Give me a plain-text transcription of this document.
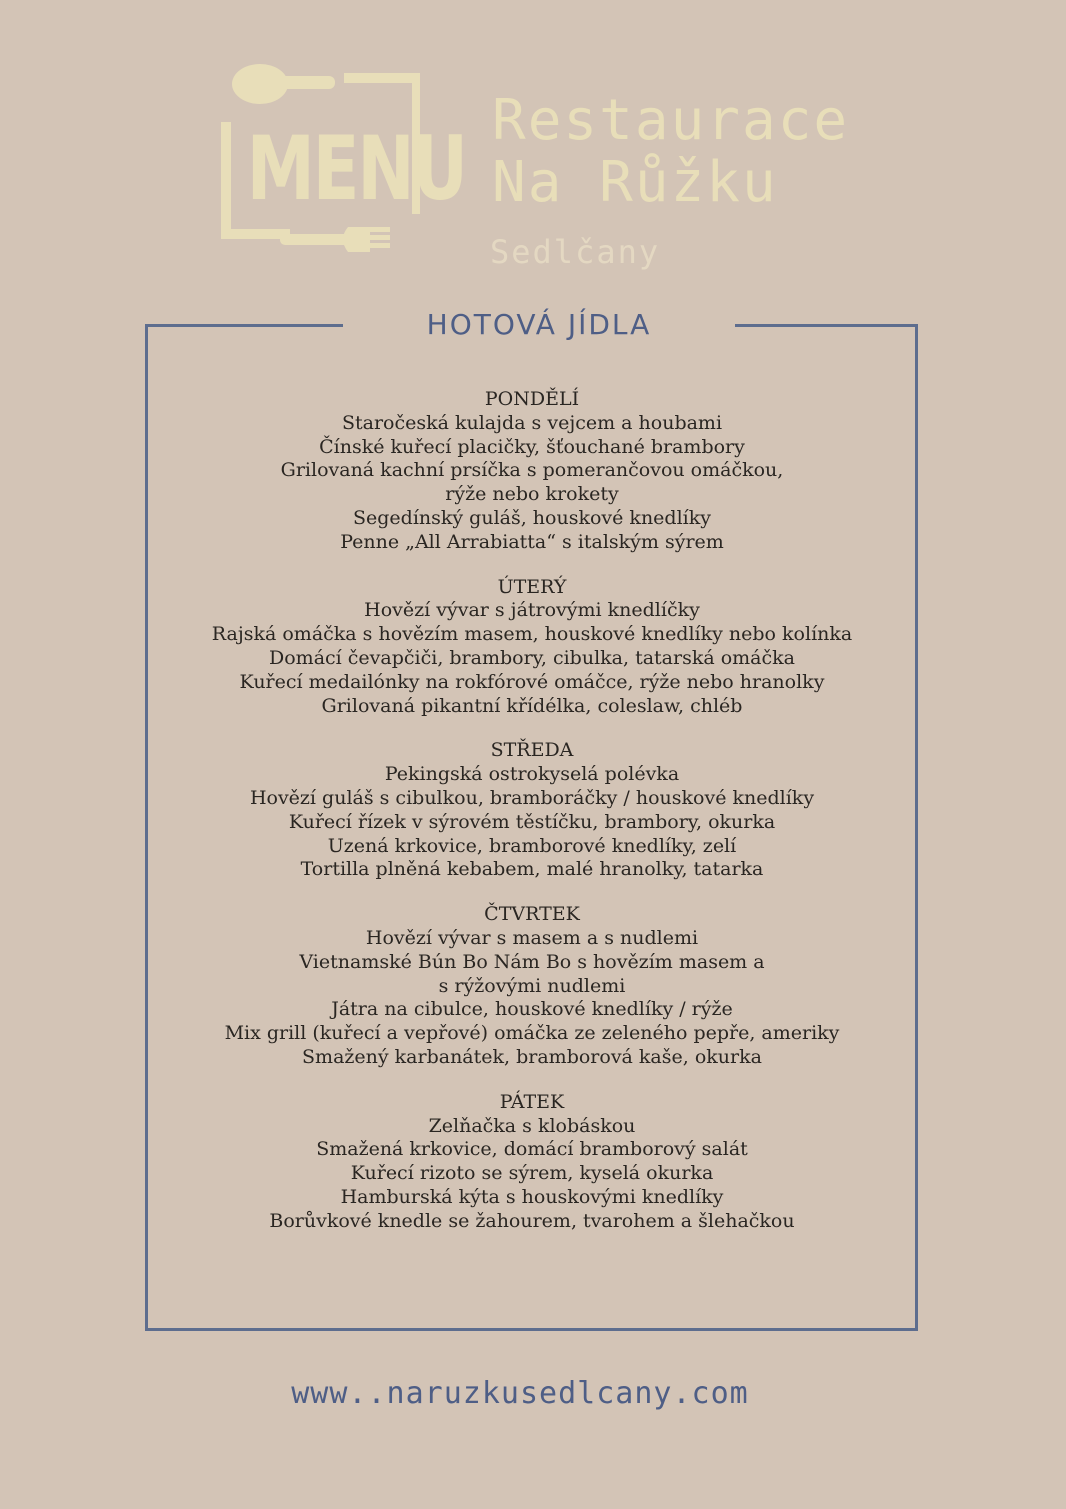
MENU Restaurace
Na Růžku
Sedlčany
HOTOVÁ JÍDLA
PONDĚLÍ
Staročeská kulajda s vejcem a houbami
Čínské kuřecí placičky, šťouchané brambory
Grilovaná kachní prsíčka s pomerančovou omáčkou,
rýže nebo krokety
Segedínský guláš, houskové knedlíky
Penne „All Arrabiatta“ s italským sýrem
ÚTERÝ
Hovězí vývar s játrovými knedlíčky
Rajská omáčka s hovězím masem, houskové knedlíky nebo kolínka
Domácí čevapčiči, brambory, cibulka, tatarská omáčka
Kuřecí medailónky na rokfórové omáčce, rýže nebo hranolky
Grilovaná pikantní křídélka, coleslaw, chléb
STŘEDA
Pekingská ostrokyselá polévka
Hovězí guláš s cibulkou, bramboráčky / houskové knedlíky
Kuřecí řízek v sýrovém těstíčku, brambory, okurka
Uzená krkovice, bramborové knedlíky, zelí
Tortilla plněná kebabem, malé hranolky, tatarka
ČTVRTEK
Hovězí vývar s masem a s nudlemi
Vietnamské Bún Bo Nám Bo s hovězím masem a
s rýžovými nudlemi
Játra na cibulce, houskové knedlíky / rýže
Mix grill (kuřecí a vepřové) omáčka ze zeleného pepře, ameriky
Smažený karbanátek, bramborová kaše, okurka
PÁTEK
Zelňačka s klobáskou
Smažená krkovice, domácí bramborový salát
Kuřecí rizoto se sýrem, kyselá okurka
Hamburská kýta s houskovými knedlíky
Borůvkové knedle se žahourem, tvarohem a šlehačkou
www..naruzkusedlcany.com
